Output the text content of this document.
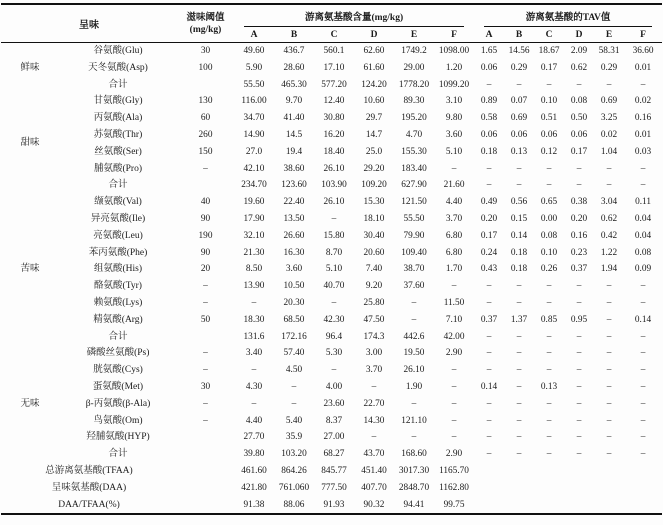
呈味		滋味阈值
(mg/kg)	游离氨基酸含量(mg/kg)						游离氨基酸的TAV值					

			A	B	C	D	E	F	A	B	C	D	E	F
鲜味	谷氨酸(Glu)	30	49.60	436.7	560.1	62.60	1749.2	1098.00	1.65	14.56	18.67	2.09	58.31	36.60
	天冬氨酸(Asp)	100	5.90	28.60	17.10	61.60	29.00	1.20	0.06	0.29	0.17	0.62	0.29	0.01
	合计		55.50	465.30	577.20	124.20	1778.20	1099.20	–	–	–	–	–	–
甜味	甘氨酸(Gly)	130	116.00	9.70	12.40	10.60	89.30	3.10	0.89	0.07	0.10	0.08	0.69	0.02
	丙氨酸(Ala)	60	34.70	41.40	30.80	29.7	195.20	9.80	0.58	0.69	0.51	0.50	3.25	0.16
	苏氨酸(Thr)	260	14.90	14.5	16.20	14.7	4.70	3.60	0.06	0.06	0.06	0.06	0.02	0.01
	丝氨酸(Ser)	150	27.0	19.4	18.40	25.0	155.30	5.10	0.18	0.13	0.12	0.17	1.04	0.03
	脯氨酸(Pro)	–	42.10	38.60	26.10	29.20	183.40	–	–	–	–	–	–	–
	合计		234.70	123.60	103.90	109.20	627.90	21.60	–	–	–	–	–	–
苦味	缬氨酸(Val)	40	19.60	22.40	26.10	15.30	121.50	4.40	0.49	0.56	0.65	0.38	3.04	0.11
	异亮氨酸(Ile)	90	17.90	13.50	–	18.10	55.50	3.70	0.20	0.15	0.00	0.20	0.62	0.04
	亮氨酸(Leu)	190	32.10	26.60	15.80	30.40	79.90	6.80	0.17	0.14	0.08	0.16	0.42	0.04
	苯丙氨酸(Phe)	90	21.30	16.30	8.70	20.60	109.40	6.80	0.24	0.18	0.10	0.23	1.22	0.08
	组氨酸(His)	20	8.50	3.60	5.10	7.40	38.70	1.70	0.43	0.18	0.26	0.37	1.94	0.09
	酪氨酸(Tyr)	–	13.90	10.50	40.70	9.20	37.60	–	–	–	–	–	–	–
	赖氨酸(Lys)	–	–	20.30	–	25.80	–	11.50	–	–	–	–	–	–
	精氨酸(Arg)	50	18.30	68.50	42.30	47.50	–	7.10	0.37	1.37	0.85	0.95	–	0.14
	合计		131.6	172.16	96.4	174.3	442.6	42.00	–	–	–	–	–	–
无味	磷酸丝氨酸(Ps)	–	3.40	57.40	5.30	3.00	19.50	2.90	–	–	–	–	–	–
	胱氨酸(Cys)	–	–	4.50	–	3.70	26.10	–	–	–	–	–	–	–
	蛋氨酸(Met)	30	4.30	–	4.00	–	1.90	–	0.14	–	0.13	–	–	–
	β-丙氨酸(β-Ala)	–	–	–	23.60	22.70	–	–	–	–	–	–	–	–
	鸟氨酸(Om)	–	4.40	5.40	8.37	14.30	121.10	–	–	–	–	–	–	–
	羟脯氨酸(HYP)		27.70	35.9	27.00	–	–	–	–	–	–	–	–	–
	合计		39.80	103.20	68.27	43.70	168.60	2.90	–	–	–	–	–	–
总游离氨基酸(TFAA)			461.60	864.26	845.77	451.40	3017.30	1165.70						
呈味氨基酸(DAA)			421.80	761.060	777.50	407.70	2848.70	1162.80						
DAA/TFAA(%)			91.38	88.06	91.93	90.32	94.41	99.75						
